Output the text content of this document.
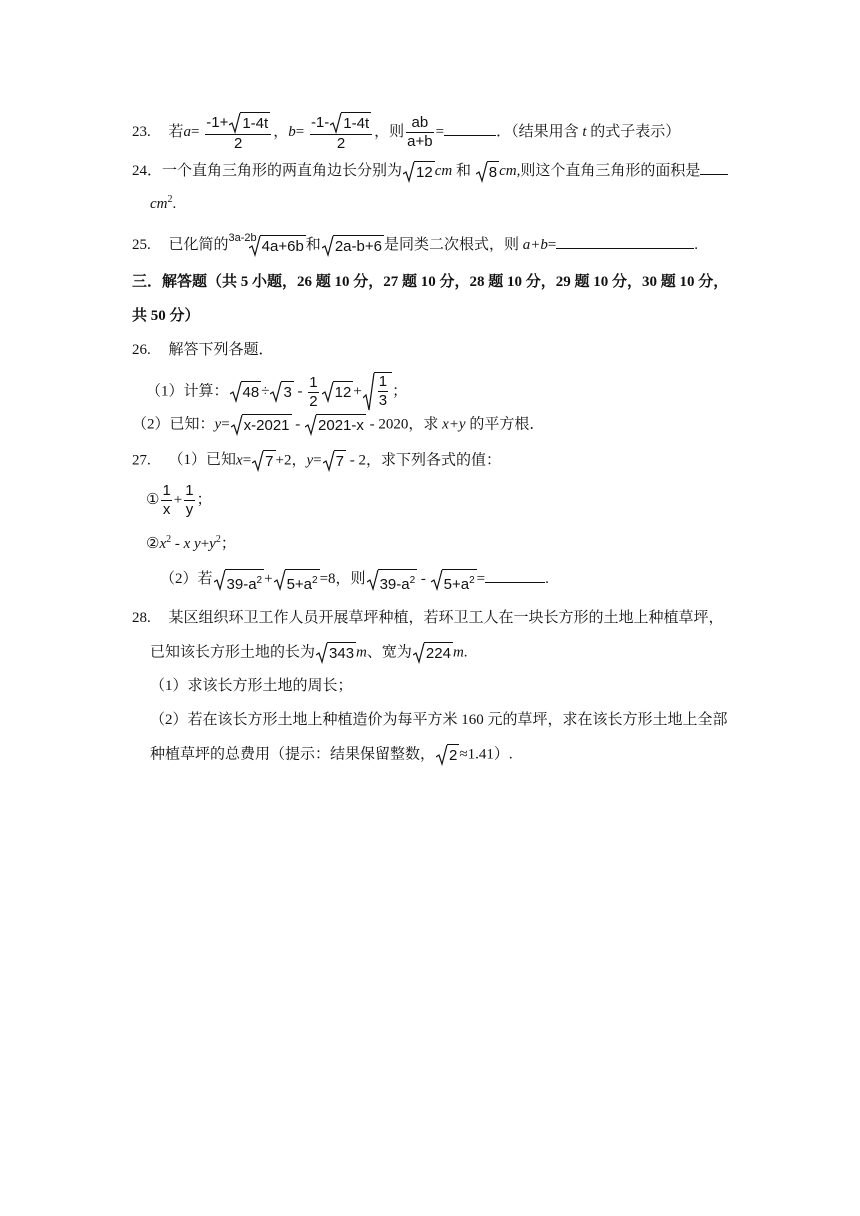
23. 若$a= \frac{-1+ 1-4t}{2}$ ，$b= \frac{-1- 1-4t}{2}$ ，则 $\frac{ab}{a+b}$ =	．（结果用含 t 的式子表示）
24．一个直角三角形的两直角边长分别为 12 cm 和 8 cm,则这个直角三角形的面积是
$cm^2$.
25. 已化简的$^{3a-2b}$ 4a+6b 和 2a-b+6 是同类二次根式，则 a+b=	.
三．解答题（共 5 小题，26 题 10 分，27 题 10 分，28 题 10 分，29 题 10 分，30 题 10 分，
共 50 分）
26. 解答下列各题．
（1）计算： $48 \div 3 - \frac{1}{2} 12 + \frac{1}{3}$ ；
（2）已知：y= x-2021 -
2021-x - 2020，求 x+y 的平方根．
27. （1）已知x= 7 +2，y= 7 - 2，求下列各式的值：
① $\frac{1}{x} + \frac{1}{y}$ ；
$②x^2$ - x $y+y^2$；
（2）若 $39-a^2 + 5+a^2 =8$，则 $39-a^2$ -
$5+a^2$ =	.
28. 某区组织环卫工作人员开展草坪种植，若环卫工人在一块长方形的土地上种植草坪，
已知该长方形土地的长为 343 m、宽为 224 m.
（1）求该长方形土地的周长；
（2）若在该长方形土地上种植造价为每平方米 160 元的草坪，求在该长方形土地上全部
种植草坪的总费用（提示：结果保留整数， 2 ≈1.41）.
